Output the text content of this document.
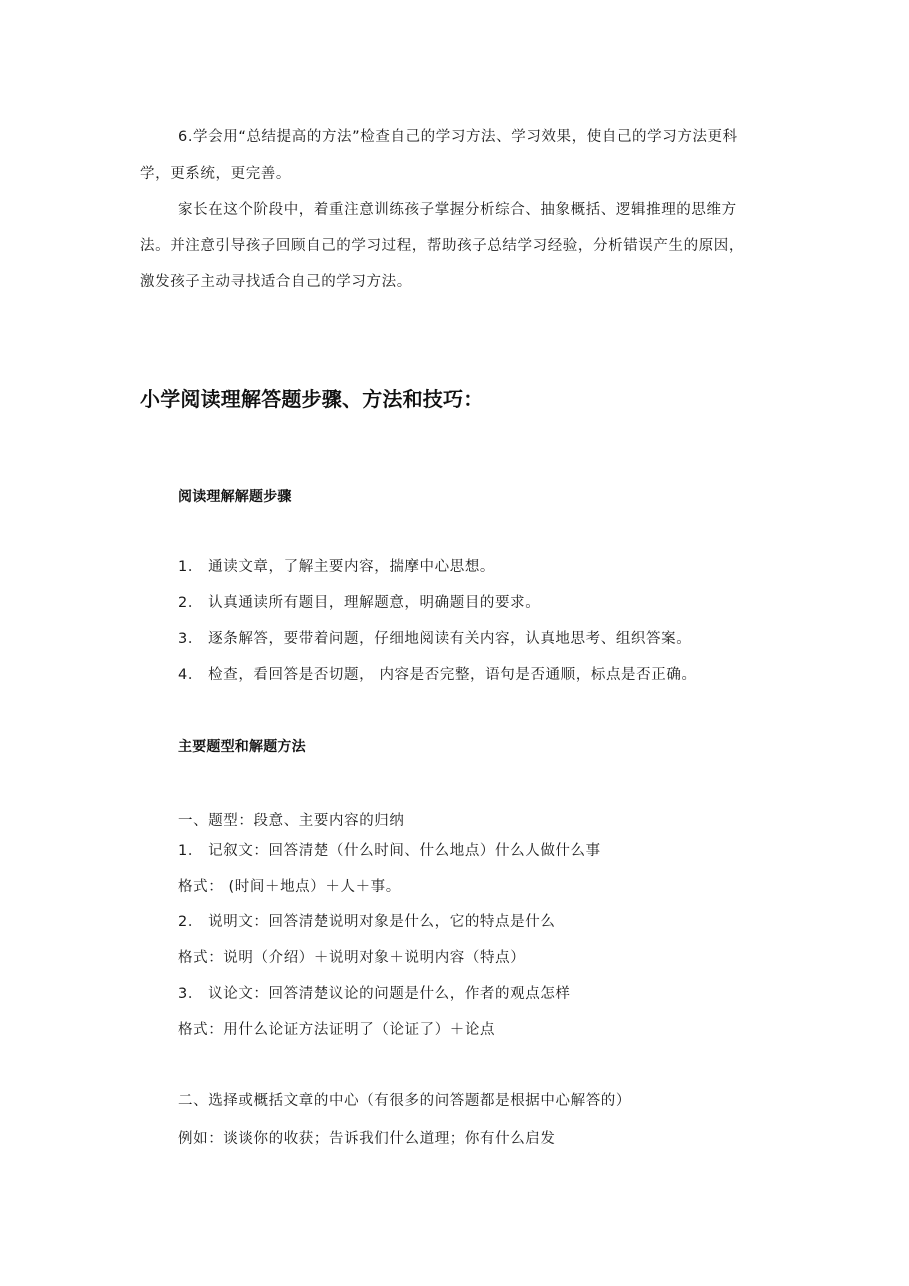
6.学会用“总结提高的方法”检查自己的学习方法、学习效果，使自己的学习方法更科
学，更系统，更完善。
家长在这个阶段中，着重注意训练孩子掌握分析综合、抽象概括、逻辑推理的思维方
法。并注意引导孩子回顾自己的学习过程，帮助孩子总结学习经验，分析错误产生的原因，
激发孩子主动寻找适合自己的学习方法。
小学阅读理解答题步骤、方法和技巧：
阅读理解解题步骤
1． 通读文章，了解主要内容，揣摩中心思想。
2． 认真通读所有题目，理解题意，明确题目的要求。
3． 逐条解答，要带着问题，仔细地阅读有关内容，认真地思考、组织答案。
4． 检查，看回答是否切题， 内容是否完整，语句是否通顺，标点是否正确。
主要题型和解题方法
一、题型：段意、主要内容的归纳
1． 记叙文：回答清楚（什么时间、什么地点）什么人做什么事
格式： (时间＋地点）＋人＋事。
2． 说明文：回答清楚说明对象是什么，它的特点是什么
格式：说明（介绍）＋说明对象＋说明内容（特点）
3． 议论文：回答清楚议论的问题是什么，作者的观点怎样
格式：用什么论证方法证明了（论证了）＋论点
二、选择或概括文章的中心（有很多的问答题都是根据中心解答的）
例如：谈谈你的收获；告诉我们什么道理；你有什么启发
